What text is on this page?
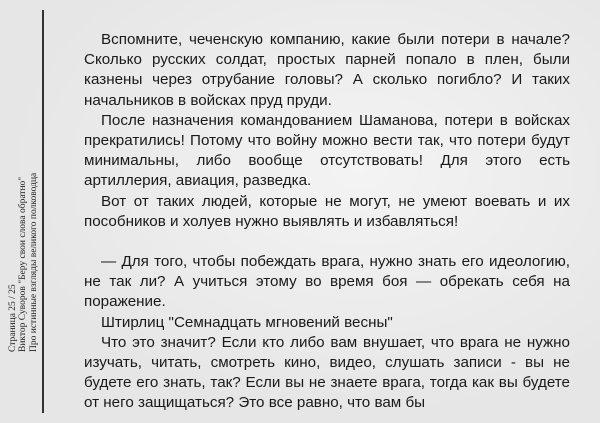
Страница 25 / 25 Виктор Суворов "Беру свои слова обратно" Про истинные взгляды великого полководца

Вспомните, чеченскую компанию, какие были потери в начале? Сколько русских солдат, простых парней попало в плен, были казнены через отрубание головы? А сколько погибло? И таких начальников в войсках пруд пруди.

После назначения командованием Шаманова, потери в войсках прекратились! Потому что войну можно вести так, что потери будут минимальны, либо вообще отсутствовать! Для этого есть артиллерия, авиация, разведка.

Вот от таких людей, которые не могут, не умеют воевать и их пособников и холуев нужно выявлять и избавляться!

— Для того, чтобы побеждать врага, нужно знать его идеологию, не так ли? А учиться этому во время боя — обрекать себя на поражение.

Штирлиц "Семнадцать мгновений весны"

Что это значит? Если кто либо вам внушает, что врага не нужно изучать, читать, смотреть кино, видео, слушать записи - вы не будете его знать, так? Если вы не знаете врага, тогда как вы будете от него защищаться? Это все равно, что вам бы
